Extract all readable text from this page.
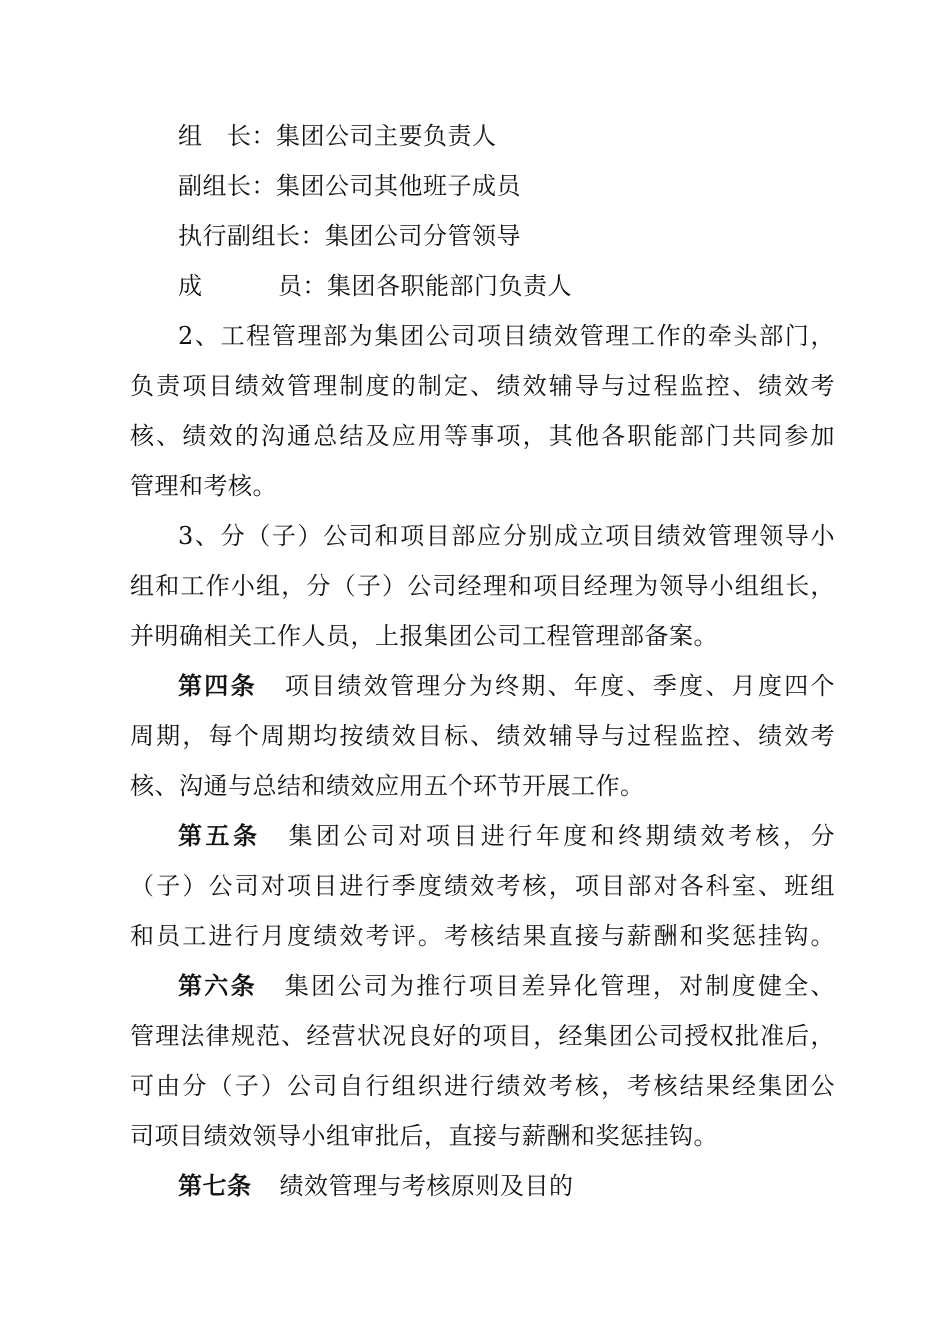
组　长：集团公司主要负责人
副组长：集团公司其他班子成员
执行副组长：集团公司分管领导
成	员：集团各职能部门负责人
2、工程管理部为集团公司项目绩效管理工作的牵头部门，
负责项目绩效管理制度的制定、绩效辅导与过程监控、绩效考
核、绩效的沟通总结及应用等事项，其他各职能部门共同参加
管理和考核。
3、分（子）公司和项目部应分别成立项目绩效管理领导小
组和工作小组，分（子）公司经理和项目经理为领导小组组长，
并明确相关工作人员，上报集团公司工程管理部备案。
第四条 项目绩效管理分为终期、年度、季度、月度四个
周期，每个周期均按绩效目标、绩效辅导与过程监控、绩效考
核、沟通与总结和绩效应用五个环节开展工作。
第五条 集团公司对项目进行年度和终期绩效考核，分
（子）公司对项目进行季度绩效考核，项目部对各科室、班组
和员工进行月度绩效考评。考核结果直接与薪酬和奖惩挂钩。
第六条 集团公司为推行项目差异化管理，对制度健全、
管理法律规范、经营状况良好的项目，经集团公司授权批准后，
可由分（子）公司自行组织进行绩效考核，考核结果经集团公
司项目绩效领导小组审批后，直接与薪酬和奖惩挂钩。
第七条 绩效管理与考核原则及目的
